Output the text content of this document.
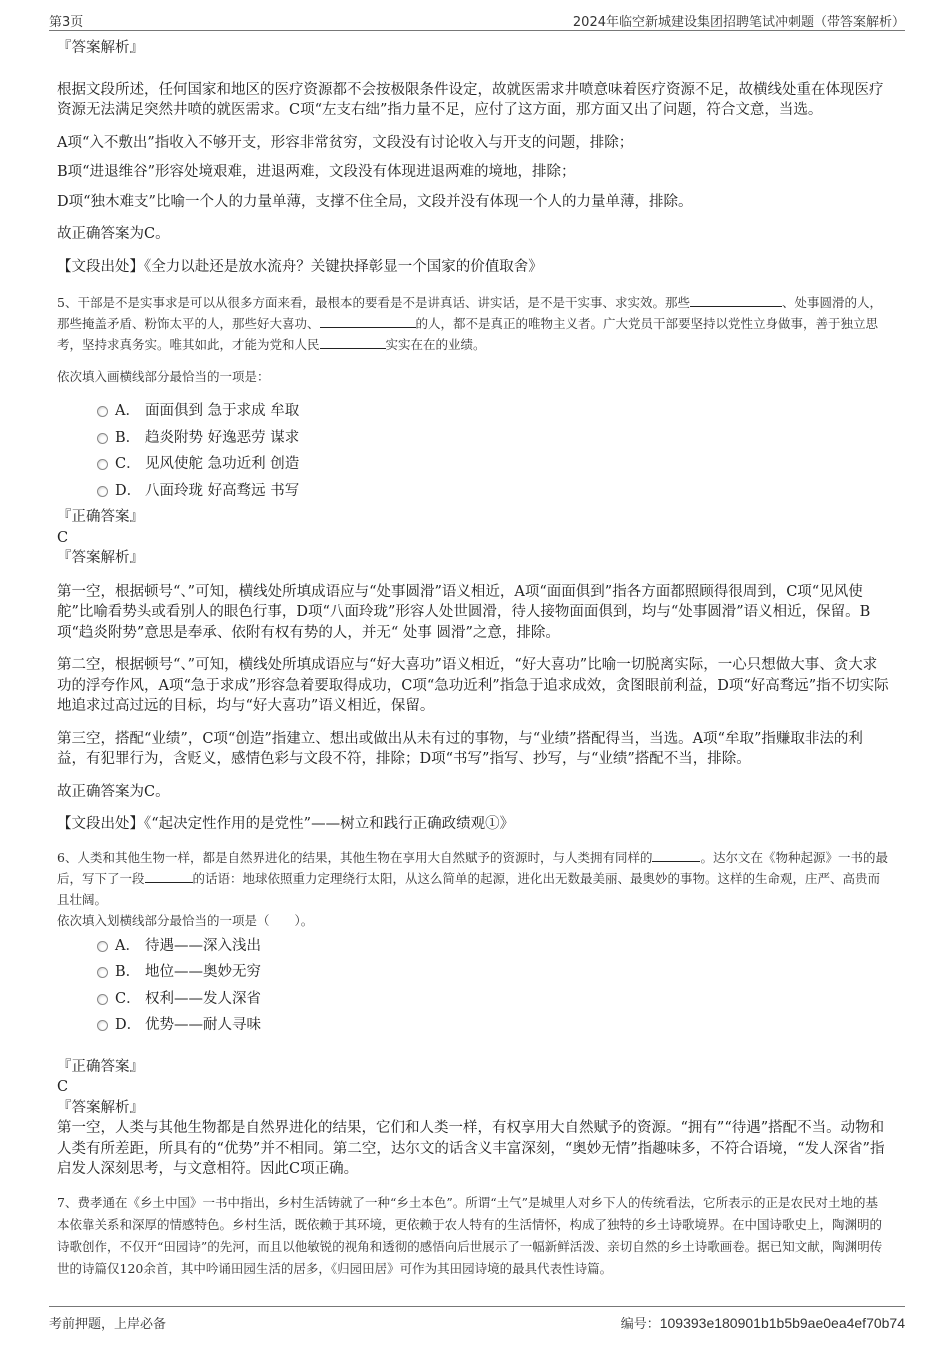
第3页	2024年临空新城建设集团招聘笔试冲刺题（带答案解析）

『答案解析』

根据文段所述，任何国家和地区的医疗资源都不会按极限条件设定，故就医需求井喷意味着医疗资源不足，故横线处重在体现医疗资源无法满足突然井喷的就医需求。C项“左支右绌”指力量不足，应付了这方面，那方面又出了问题，符合文意，当选。

A项“入不敷出”指收入不够开支，形容非常贫穷，文段没有讨论收入与开支的问题，排除；

B项“进退维谷”形容处境艰难，进退两难，文段没有体现进退两难的境地，排除；

D项“独木难支”比喻一个人的力量单薄，支撑不住全局，文段并没有体现一个人的力量单薄，排除。

故正确答案为C。

【文段出处】《全力以赴还是放水流舟？关键抉择彰显一个国家的价值取舍》

5、干部是不是实事求是可以从很多方面来看，最根本的要看是不是讲真话、讲实话，是不是干实事、求实效。那些	、处事圆滑的人，那些掩盖矛盾、粉饰太平的人，那些好大喜功、	的人，都不是真正的唯物主义者。广大党员干部要坚持以党性立身做事，善于独立思考，坚持求真务实。唯其如此，才能为党和人民	实实在在的业绩。

依次填入画横线部分最恰当的一项是：

A． 面面俱到 急于求成 牟取
B． 趋炎附势 好逸恶劳 谋求
C． 见风使舵 急功近利 创造
D． 八面玲珑 好高骛远 书写

『正确答案』

C

『答案解析』

第一空，根据顿号“、”可知，横线处所填成语应与“处事圆滑”语义相近，A项“面面俱到”指各方面都照顾得很周到，C项“见风使舵”比喻看势头或看别人的眼色行事，D项“八面玲珑”形容人处世圆滑，待人接物面面俱到，均与“处事圆滑”语义相近，保留。B项“趋炎附势”意思是奉承、依附有权有势的人，并无“ 处事 圆滑”之意，排除。

第二空，根据顿号“、”可知，横线处所填成语应与“好大喜功”语义相近，“好大喜功”比喻一切脱离实际，一心只想做大事、贪大求功的浮夸作风，A项“急于求成”形容急着要取得成功，C项“急功近利”指急于追求成效，贪图眼前利益，D项“好高骛远”指不切实际地追求过高过远的目标，均与“好大喜功”语义相近，保留。

第三空，搭配“业绩”，C项“创造”指建立、想出或做出从未有过的事物，与“业绩”搭配得当，当选。A项“牟取”指赚取非法的利益，有犯罪行为，含贬义，感情色彩与文段不符，排除；D项“书写”指写、抄写，与“业绩”搭配不当，排除。

故正确答案为C。

【文段出处】《“起决定性作用的是党性”——树立和践行正确政绩观①》

6、人类和其他生物一样，都是自然界进化的结果，其他生物在享用大自然赋予的资源时，与人类拥有同样的	。达尔文在《物种起源》一书的最后，写下了一段	的话语：地球依照重力定理绕行太阳，从这么简单的起源，进化出无数最美丽、最奥妙的事物。这样的生命观，庄严、高贵而且壮阔。

依次填入划横线部分最恰当的一项是（　　）。

A． 待遇——深入浅出
B． 地位——奥妙无穷
C． 权利——发人深省
D． 优势——耐人寻味

『正确答案』

C

『答案解析』

第一空，人类与其他生物都是自然界进化的结果，它们和人类一样，有权享用大自然赋予的资源。“拥有”“待遇”搭配不当。动物和人类有所差距，所具有的“优势”并不相同。第二空，达尔文的话含义丰富深刻，“奥妙无情”指趣味多，不符合语境，“发人深省”指启发人深刻思考，与文意相符。因此C项正确。

7、费孝通在《乡土中国》一书中指出，乡村生活铸就了一种“乡土本色”。所谓“土气”是城里人对乡下人的传统看法，它所表示的正是农民对土地的基本依靠关系和深厚的情感特色。乡村生活，既依赖于其环境，更依赖于农人特有的生活情怀，构成了独特的乡土诗歌境界。在中国诗歌史上，陶渊明的诗歌创作，不仅开“田园诗”的先河，而且以他敏锐的视角和透彻的感悟向后世展示了一幅新鲜活泼、亲切自然的乡土诗歌画卷。据已知文献，陶渊明传世的诗篇仅120余首，其中吟诵田园生活的居多，《归园田居》可作为其田园诗境的最具代表性诗篇。

考前押题，上岸必备	编号：109393e180901b1b5b9ae0ea4ef70b74
